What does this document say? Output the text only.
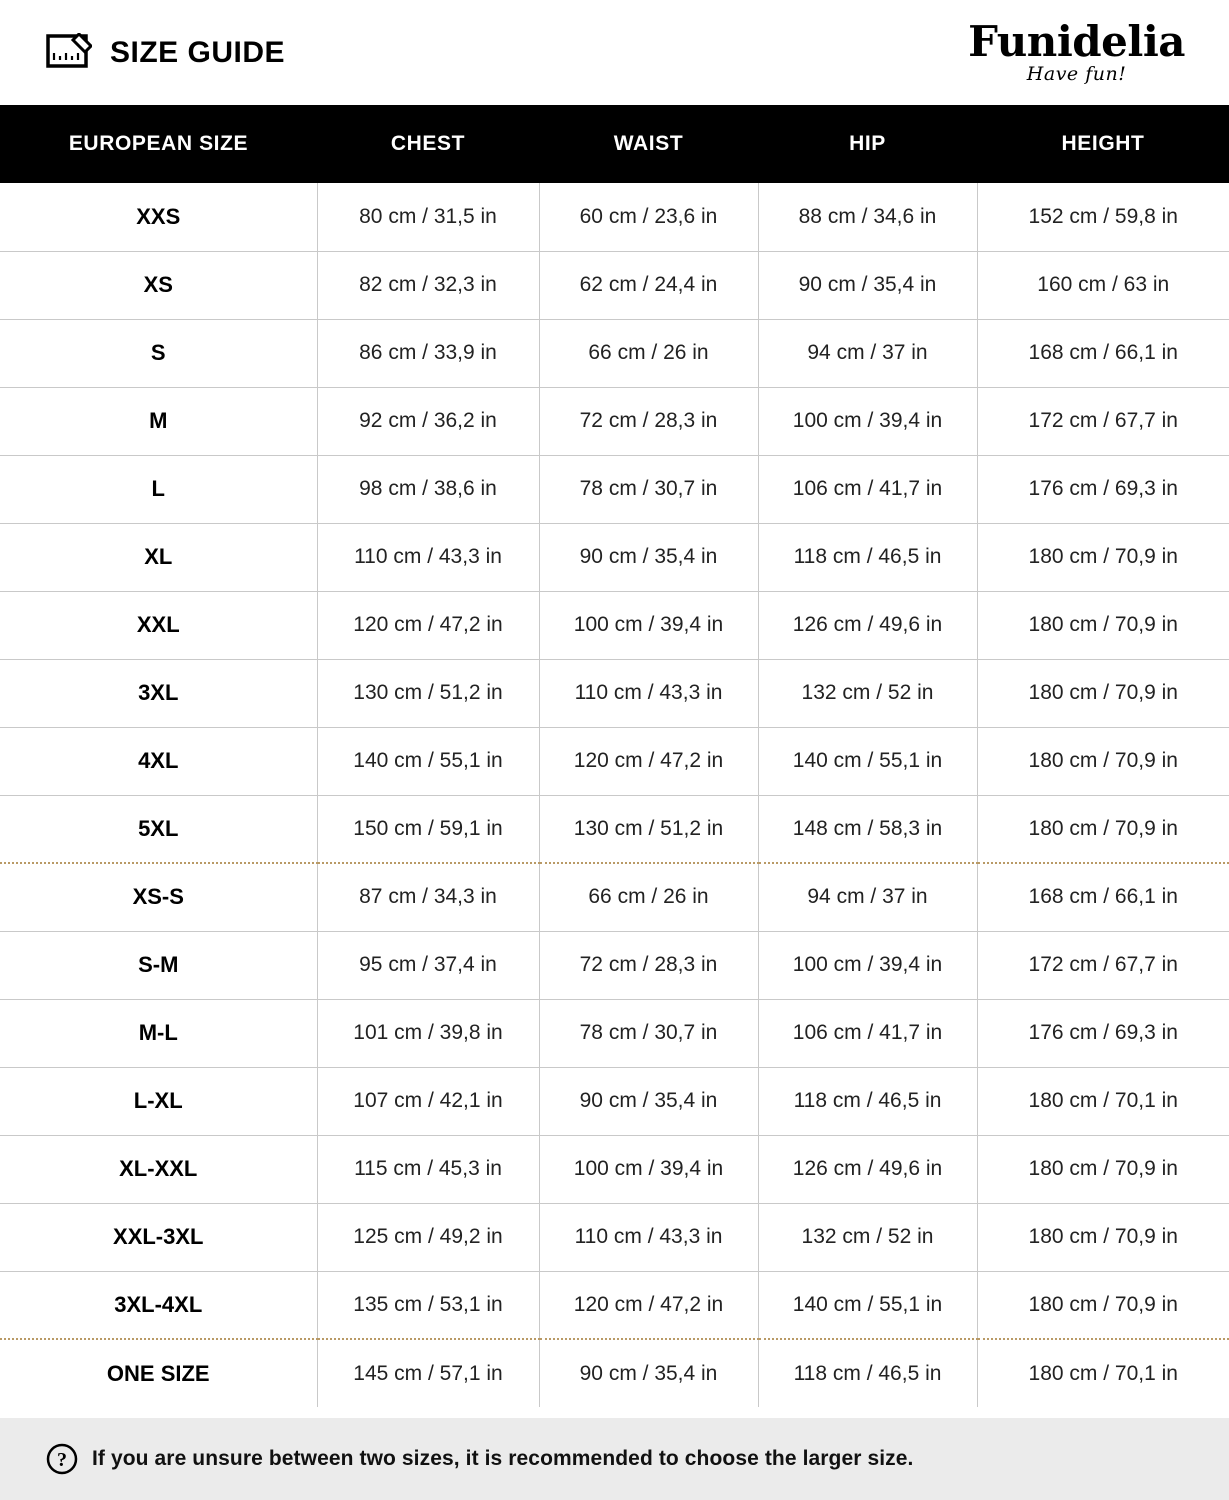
SIZE GUIDE	Funidelia
Have fun!
EUROPEAN SIZE	CHEST	WAIST	HIP	HEIGHT
XXS	80 cm / 31,5 in	60 cm / 23,6 in	88 cm / 34,6 in	152 cm / 59,8 in
XS	82 cm / 32,3 in	62 cm / 24,4 in	90 cm / 35,4 in	160 cm / 63 in
S	86 cm / 33,9 in	66 cm / 26 in	94 cm / 37 in	168 cm / 66,1 in
M	92 cm / 36,2 in	72 cm / 28,3 in	100 cm / 39,4 in	172 cm / 67,7 in
L	98 cm / 38,6 in	78 cm / 30,7 in	106 cm / 41,7 in	176 cm / 69,3 in
XL	110 cm / 43,3 in	90 cm / 35,4 in	118 cm / 46,5 in	180 cm / 70,9 in
XXL	120 cm / 47,2 in	100 cm / 39,4 in	126 cm / 49,6 in	180 cm / 70,9 in
3XL	130 cm / 51,2 in	110 cm / 43,3 in	132 cm / 52 in	180 cm / 70,9 in
4XL	140 cm / 55,1 in	120 cm / 47,2 in	140 cm / 55,1 in	180 cm / 70,9 in
5XL	150 cm / 59,1 in	130 cm / 51,2 in	148 cm / 58,3 in	180 cm / 70,9 in
XS-S	87 cm / 34,3 in	66 cm / 26 in	94 cm / 37 in	168 cm / 66,1 in
S-M	95 cm / 37,4 in	72 cm / 28,3 in	100 cm / 39,4 in	172 cm / 67,7 in
M-L	101 cm / 39,8 in	78 cm / 30,7 in	106 cm / 41,7 in	176 cm / 69,3 in
L-XL	107 cm / 42,1 in	90 cm / 35,4 in	118 cm / 46,5 in	180 cm / 70,1 in
XL-XXL	115 cm / 45,3 in	100 cm / 39,4 in	126 cm / 49,6 in	180 cm / 70,9 in
XXL-3XL	125 cm / 49,2 in	110 cm / 43,3 in	132 cm / 52 in	180 cm / 70,9 in
3XL-4XL	135 cm / 53,1 in	120 cm / 47,2 in	140 cm / 55,1 in	180 cm / 70,9 in
ONE SIZE	145 cm / 57,1 in	90 cm / 35,4 in	118 cm / 46,5 in	180 cm / 70,1 in
? If you are unsure between two sizes, it is recommended to choose the larger size.
